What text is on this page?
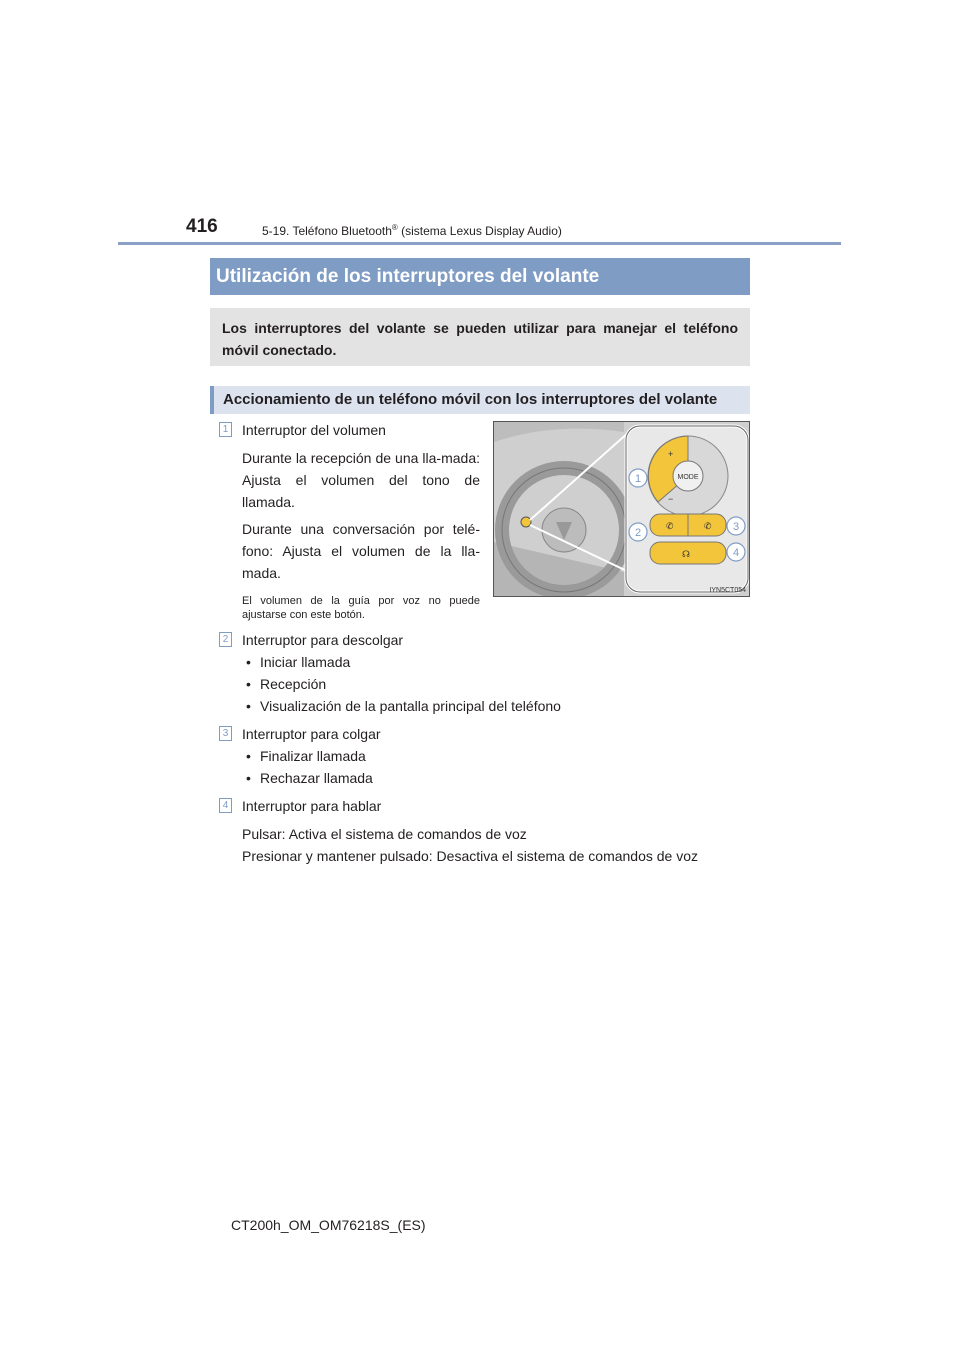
416	5-19. Teléfono Bluetooth® (sistema Lexus Display Audio)
Utilización de los interruptores del volante
Los interruptores del volante se pueden utilizar para manejar el teléfono móvil conectado.
Accionamiento de un teléfono móvil con los interruptores del volante
1 Interruptor del volumen
Durante la recepción de una lla-mada: Ajusta el volumen del tono de llamada.
Durante una conversación por telé-fono: Ajusta el volumen de la lla-mada.
El volumen de la guía por voz no puede ajustarse con este botón.
MODE
+
−
✆	✆
☊
1
2	3
4
IYN5CT054
2 Interruptor para descolgar
• Iniciar llamada
• Recepción
• Visualización de la pantalla principal del teléfono
3 Interruptor para colgar
• Finalizar llamada
• Rechazar llamada
4 Interruptor para hablar
Pulsar: Activa el sistema de comandos de voz
Presionar y mantener pulsado: Desactiva el sistema de comandos de voz
CT200h_OM_OM76218S_(ES)
